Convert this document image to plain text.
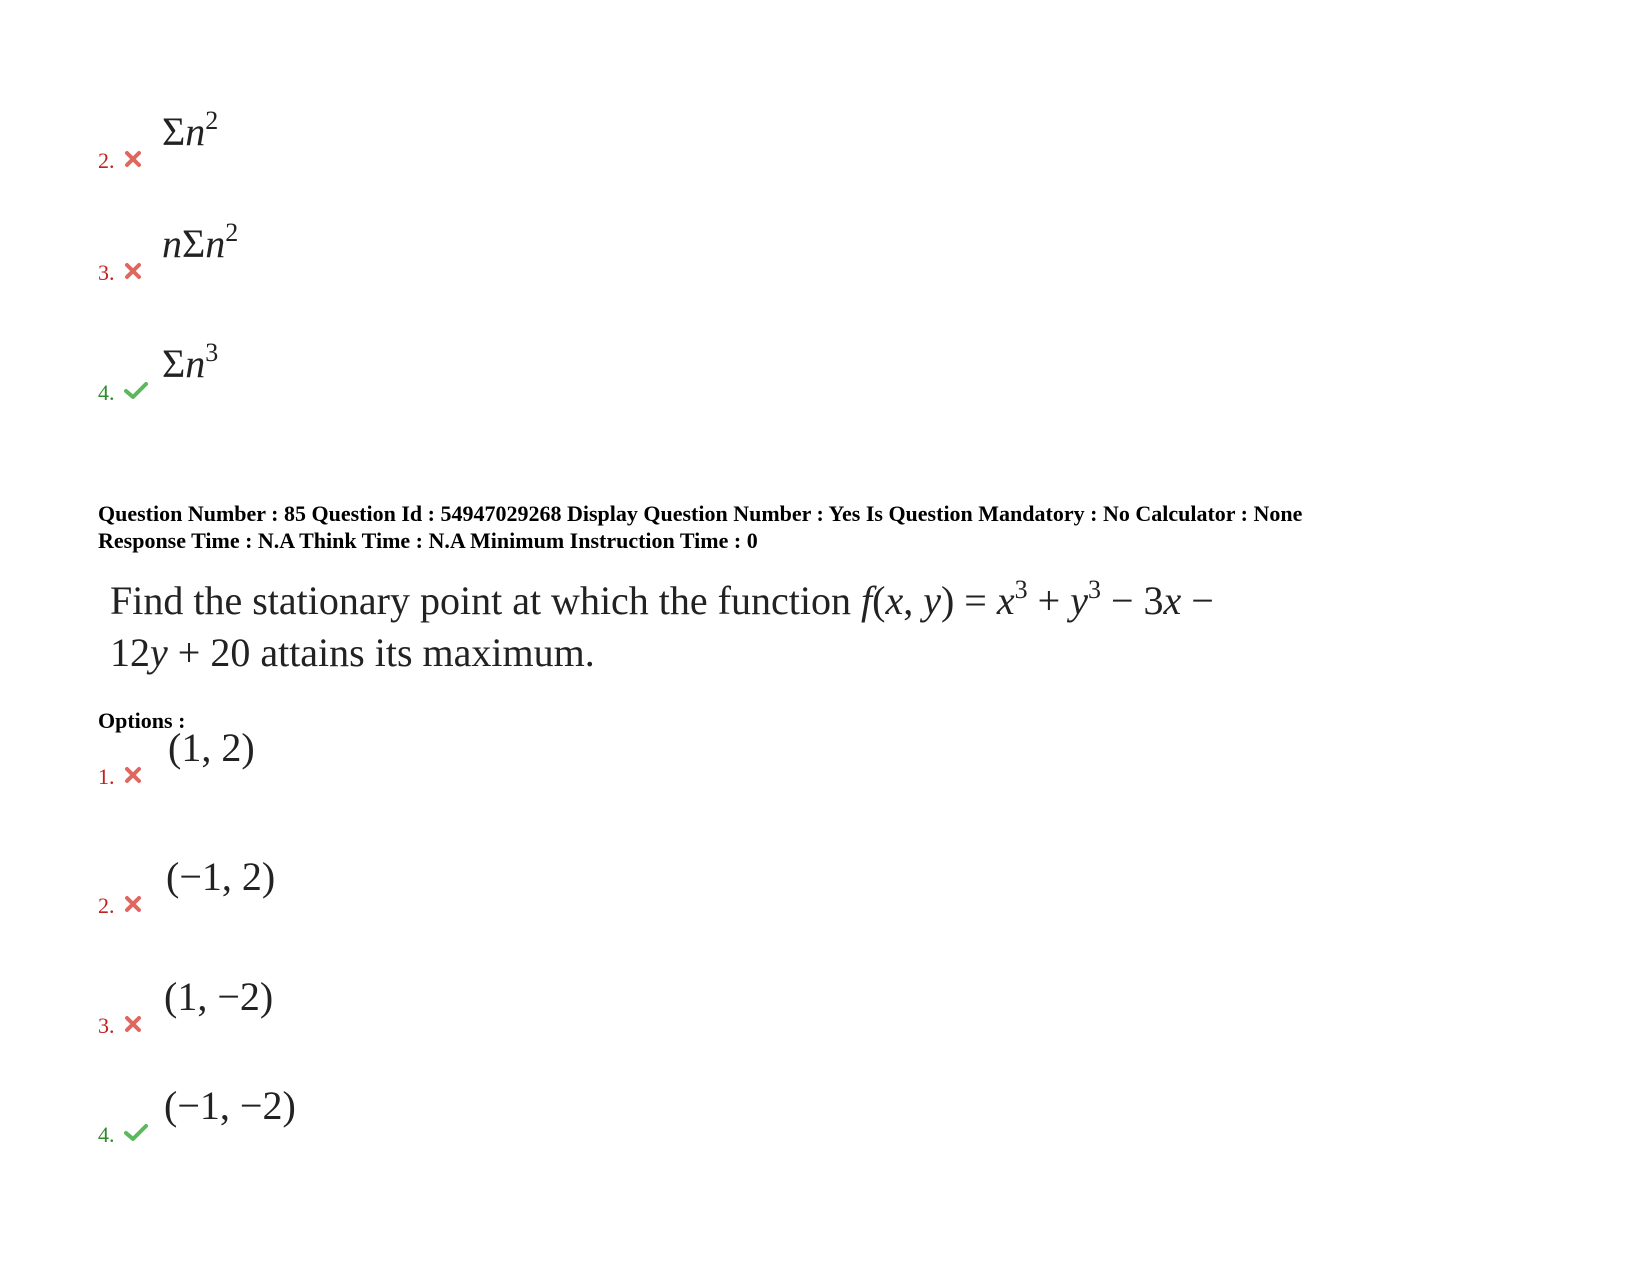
2.
$\Sigma n^2$
3.
nΣn$^2$
4.
$\Sigma n^3$
Question Number : 85 Question Id : 54947029268 Display Question Number : Yes Is Question Mandatory : No Calculator : None
Response Time : N.A Think Time : N.A Minimum Instruction Time : 0
Find the stationary point at which the function f(x, $y) = x^3 + y^3 - 3x$ −
12y + 20 attains its maximum.
Options :
1.
(1, 2)
2.
(−1, 2)
3.
(1, −2)
4.
(−1, −2)
